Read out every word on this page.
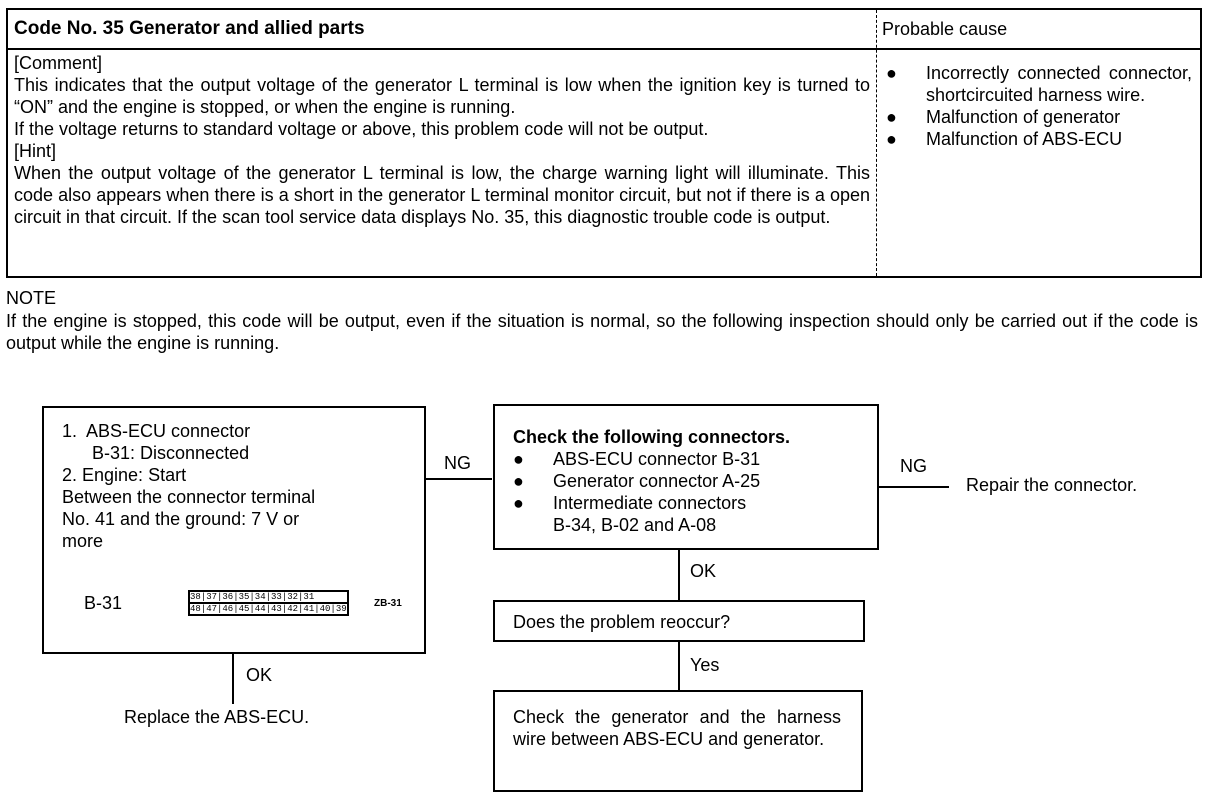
Code No. 35 Generator and allied parts	Probable cause
[Comment]
This indicates that the output voltage of the generator L terminal is low when the ignition key is turned to “ON” and the engine is stopped, or when the engine is running.
If the voltage returns to standard voltage or above, this problem code will not be output.
[Hint]
When the output voltage of the generator L terminal is low, the charge warning light will illuminate. This code also appears when there is a short in the generator L terminal monitor circuit, but not if there is a open circuit in that circuit. If the scan tool service data displays No. 35, this diagnostic trouble code is output.
●	Incorrectly connected connector, shortcircuited harness wire.
●	Malfunction of generator
●	Malfunction of ABS-ECU
NOTE
If the engine is stopped, this code will be output, even if the situation is normal, so the following inspection should only be carried out if the code is output while the engine is running.
1.  ABS-ECU connector
B-31: Disconnected
2. Engine: Start
Between the connector terminal
No. 41 and the ground: 7 V or
more
B-31	38|37|36|35|34|33|32|31
48|47|46|45|44|43|42|41|40|39	ZB-31
NG
OK
Replace the ABS-ECU.
Check the following connectors.
● ABS-ECU connector B-31
● Generator connector A-25
● Intermediate connectors
B-34, B-02 and A-08
NG
Repair the connector.
OK
Does the problem reoccur?
Yes
Check the generator and the harness wire between ABS-ECU and generator.
